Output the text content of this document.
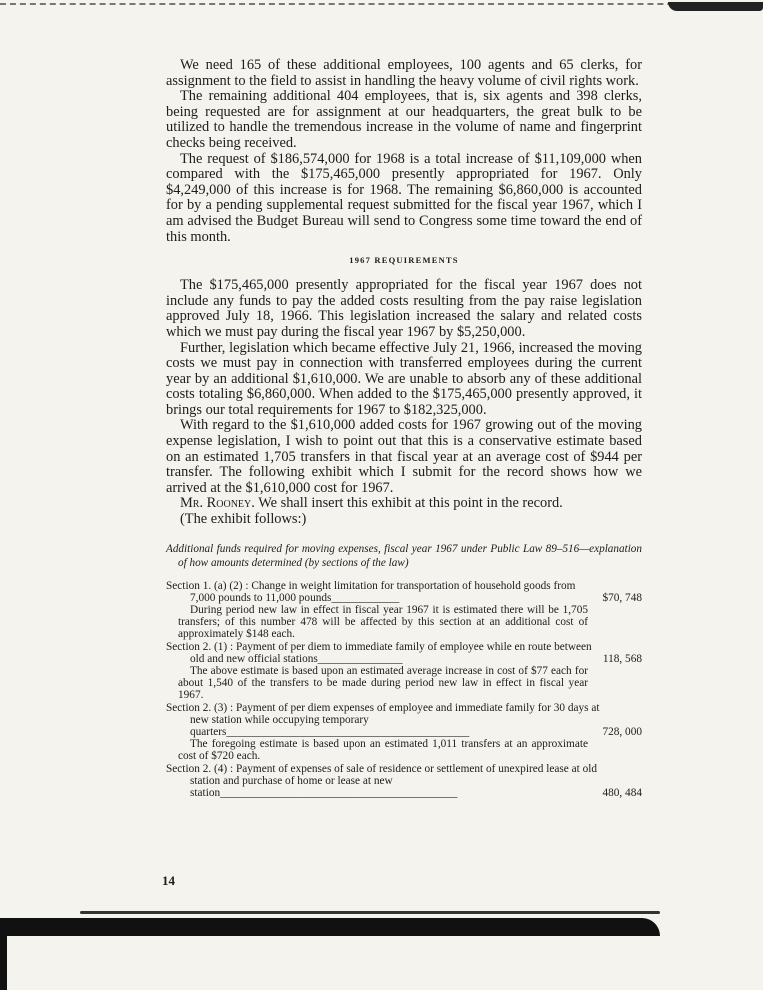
We need 165 of these additional employees, 100 agents and 65 clerks, for assignment to the field to assist in handling the heavy volume of civil rights work.

The remaining additional 404 employees, that is, six agents and 398 clerks, being requested are for assignment at our headquarters, the great bulk to be utilized to handle the tremendous increase in the volume of name and fingerprint checks being received.

The request of $186,574,000 for 1968 is a total increase of $11,109,000 when compared with the $175,465,000 presently appropriated for 1967. Only $4,249,000 of this increase is for 1968. The remaining $6,860,000 is accounted for by a pending supplemental request submitted for the fiscal year 1967, which I am advised the Budget Bureau will send to Congress some time toward the end of this month.

1967 REQUIREMENTS

The $175,465,000 presently appropriated for the fiscal year 1967 does not include any funds to pay the added costs resulting from the pay raise legislation approved July 18, 1966. This legislation increased the salary and related costs which we must pay during the fiscal year 1967 by $5,250,000.

Further, legislation which became effective July 21, 1966, increased the moving costs we must pay in connection with transferred employees during the current year by an additional $1,610,000. We are unable to absorb any of these additional costs totaling $6,860,000. When added to the $175,465,000 presently approved, it brings our total requirements for 1967 to $182,325,000.

With regard to the $1,610,000 added costs for 1967 growing out of the moving expense legislation, I wish to point out that this is a conservative estimate based on an estimated 1,705 transfers in that fiscal year at an average cost of $944 per transfer. The following exhibit which I submit for the record shows how we arrived at the $1,610,000 cost for 1967.

Mr. Rooney. We shall insert this exhibit at this point in the record.

(The exhibit follows:)

Additional funds required for moving expenses, fiscal year 1967 under Public Law 89–516—explanation of how amounts determined (by sections of the law)
Section 1. (a) (2) : Change in weight limitation for transportation of household goods from 7,000 pounds to 11,000 pounds____________	$70, 748
During period new law in effect in fiscal year 1967 it is estimated there will be 1,705 transfers; of this number 478 will be affected by this section at an additional cost of approximately $148 each.
Section 2. (1) : Payment of per diem to immediate family of employee while en route between old and new official stations_______________	118, 568
The above estimate is based upon an estimated average increase in cost of $77 each for about 1,540 of the transfers to be made during period new law in effect in fiscal year 1967.
Section 2. (3) : Payment of per diem expenses of employee and immediate family for 30 days at new station while occupying temporary quarters___________________________________________	728, 000
The foregoing estimate is based upon an estimated 1,011 transfers at an approximate cost of $720 each.
Section 2. (4) : Payment of expenses of sale of residence or settlement of unexpired lease at old station and purchase of home or lease at new station__________________________________________	480, 484
14
